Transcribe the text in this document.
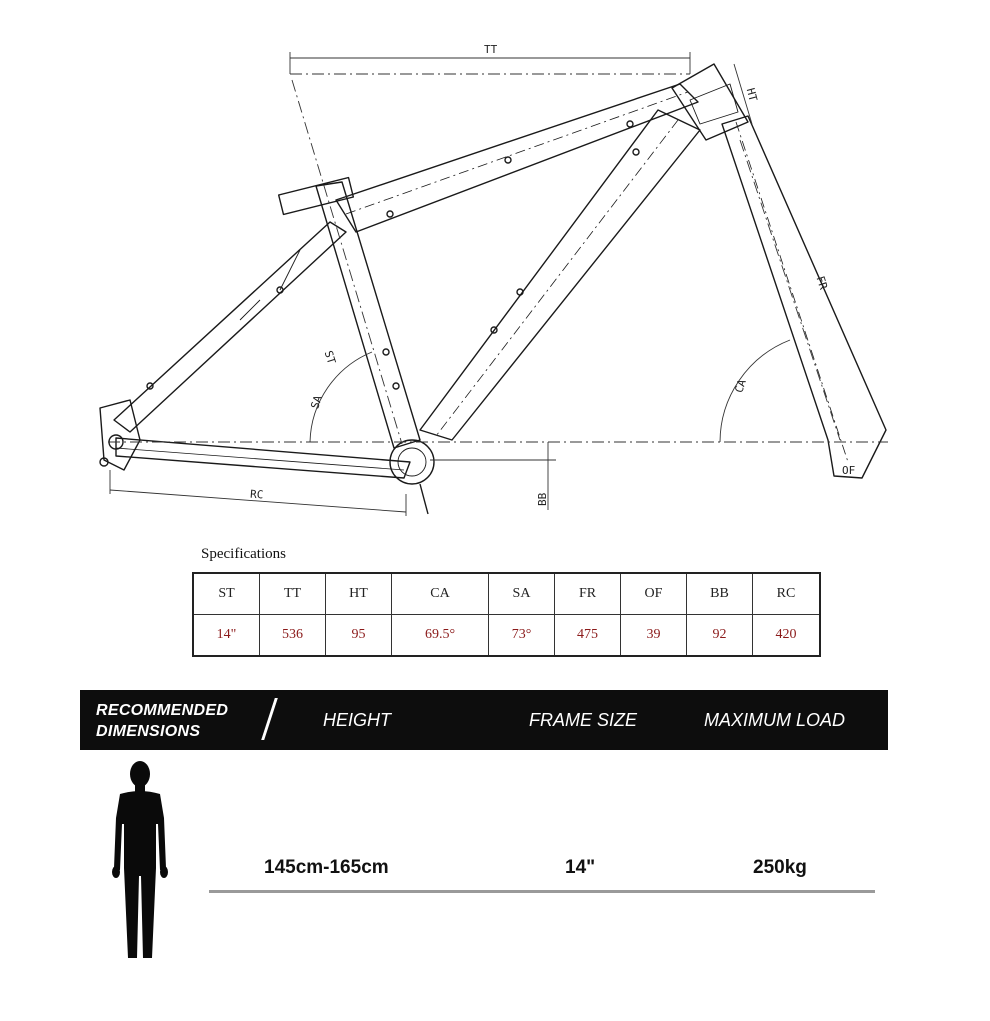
TT
HT
FR
CA
ST
SA
RC	BB
OF
Specifications
ST	TT	HT	CA	SA	FR	OF	BB	RC
14"	536	95	69.5°	73°	475	39	92	420
RECOMMENDED
DIMENSIONS
HEIGHT	FRAME SIZE	MAXIMUM LOAD
145cm-165cm	14"	250kg
